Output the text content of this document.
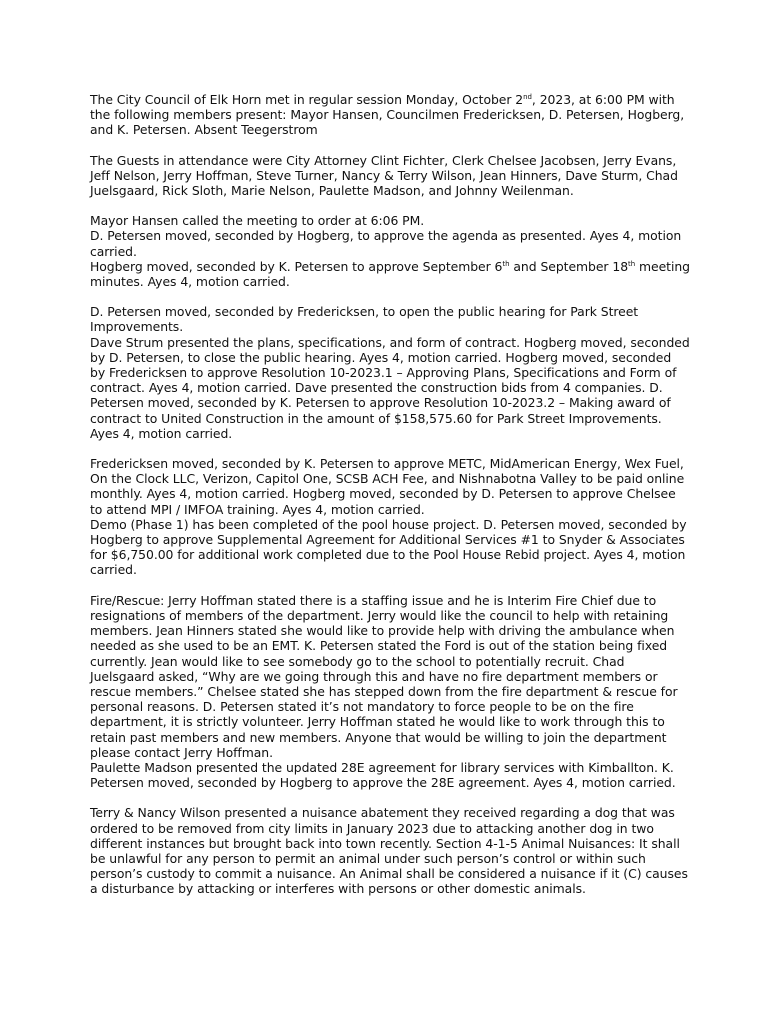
The City Council of Elk Horn met in regular session Monday, October 2nd, 2023, at 6:00 PM with the following members present: Mayor Hansen, Councilmen Fredericksen, D. Petersen, Hogberg, and K. Petersen. Absent Teegerstrom

The Guests in attendance were City Attorney Clint Fichter, Clerk Chelsee Jacobsen, Jerry Evans, Jeff Nelson, Jerry Hoffman, Steve Turner, Nancy & Terry Wilson, Jean Hinners, Dave Sturm, Chad Juelsgaard, Rick Sloth, Marie Nelson, Paulette Madson, and Johnny Weilenman.

Mayor Hansen called the meeting to order at 6:06 PM.
D. Petersen moved, seconded by Hogberg, to approve the agenda as presented. Ayes 4, motion carried.
Hogberg moved, seconded by K. Petersen to approve September 6th and September 18th meeting minutes. Ayes 4, motion carried.

D. Petersen moved, seconded by Fredericksen, to open the public hearing for Park Street Improvements.
Dave Strum presented the plans, specifications, and form of contract. Hogberg moved, seconded by D. Petersen, to close the public hearing. Ayes 4, motion carried. Hogberg moved, seconded by Fredericksen to approve Resolution 10-2023.1 – Approving Plans, Specifications and Form of contract. Ayes 4, motion carried. Dave presented the construction bids from 4 companies. D. Petersen moved, seconded by K. Petersen to approve Resolution 10-2023.2 – Making award of contract to United Construction in the amount of $158,575.60 for Park Street Improvements. Ayes 4, motion carried.

Fredericksen moved, seconded by K. Petersen to approve METC, MidAmerican Energy, Wex Fuel, On the Clock LLC, Verizon, Capitol One, SCSB ACH Fee, and Nishnabotna Valley to be paid online monthly. Ayes 4, motion carried. Hogberg moved, seconded by D. Petersen to approve Chelsee to attend MPI / IMFOA training. Ayes 4, motion carried.
Demo (Phase 1) has been completed of the pool house project. D. Petersen moved, seconded by Hogberg to approve Supplemental Agreement for Additional Services #1 to Snyder & Associates for $6,750.00 for additional work completed due to the Pool House Rebid project. Ayes 4, motion carried.

Fire/Rescue: Jerry Hoffman stated there is a staffing issue and he is Interim Fire Chief due to resignations of members of the department. Jerry would like the council to help with retaining members. Jean Hinners stated she would like to provide help with driving the ambulance when needed as she used to be an EMT. K. Petersen stated the Ford is out of the station being fixed currently. Jean would like to see somebody go to the school to potentially recruit. Chad Juelsgaard asked, “Why are we going through this and have no fire department members or rescue members.” Chelsee stated she has stepped down from the fire department & rescue for personal reasons. D. Petersen stated it’s not mandatory to force people to be on the fire department, it is strictly volunteer. Jerry Hoffman stated he would like to work through this to retain past members and new members. Anyone that would be willing to join the department please contact Jerry Hoffman.
Paulette Madson presented the updated 28E agreement for library services with Kimballton. K. Petersen moved, seconded by Hogberg to approve the 28E agreement. Ayes 4, motion carried.

Terry & Nancy Wilson presented a nuisance abatement they received regarding a dog that was ordered to be removed from city limits in January 2023 due to attacking another dog in two different instances but brought back into town recently. Section 4-1-5 Animal Nuisances: It shall be unlawful for any person to permit an animal under such person’s control or within such person’s custody to commit a nuisance. An Animal shall be considered a nuisance if it (C) causes a disturbance by attacking or interferes with persons or other domestic animals.
